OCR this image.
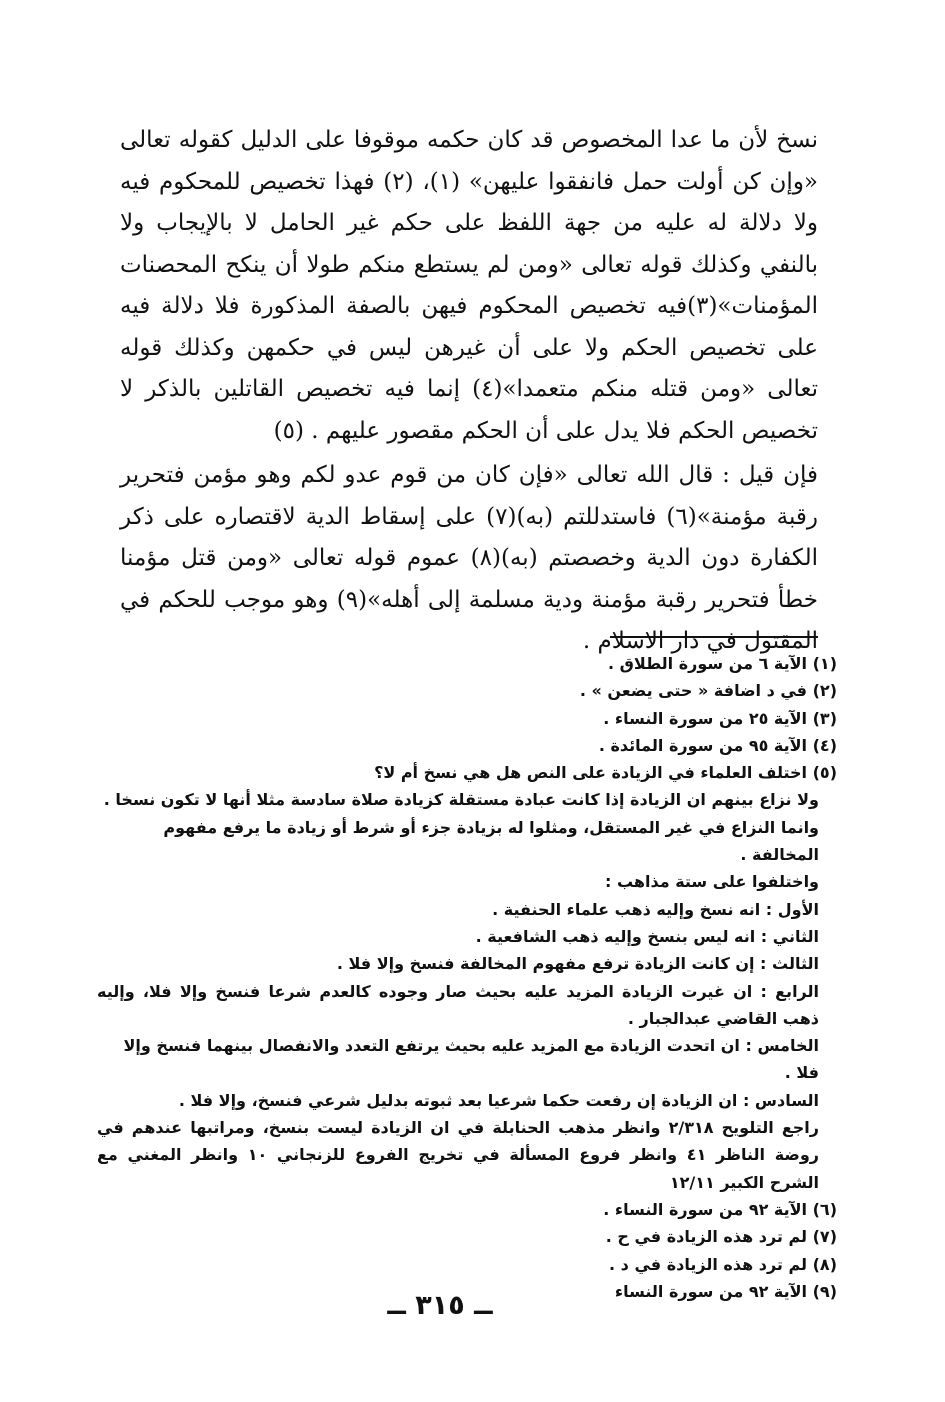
نسخ لأن ما عدا المخصوص قد كان حكمه موقوفا على الدليل كقوله تعالى «وإن كن أولت حمل فانفقوا عليهن» (١)، (٢) فهذا تخصيص للمحكوم فيه ولا دلالة له عليه من جهة اللفظ على حكم غير الحامل لا بالإيجاب ولا بالنفي وكذلك قوله تعالى «ومن لم يستطع منكم طولا أن ينكح المحصنات المؤمنات»(٣)فيه تخصيص المحكوم فيهن بالصفة المذكورة فلا دلالة فيه على تخصيص الحكم ولا على أن غيرهن ليس في حكمهن وكذلك قوله تعالى «ومن قتله منكم متعمدا»(٤) إنما فيه تخصيص القاتلين بالذكر لا تخصيص الحكم فلا يدل على أن الحكم مقصور عليهم . (٥)

فإن قيل : قال الله تعالى «فإن كان من قوم عدو لكم وهو مؤمن فتحرير رقبة مؤمنة»(٦) فاستدللتم (به)(٧) على إسقاط الدية لاقتصاره على ذكر الكفارة دون الدية وخصصتم (به)(٨) عموم قوله تعالى «ومن قتل مؤمنا خطأ فتحرير رقبة مؤمنة ودية مسلمة إلى أهله»(٩) وهو موجب للحكم في المقتول في دار الاسلام .

(١) الآية ٦ من سورة الطلاق .
(٢) في د اضافة « حتى يضعن » .
(٣) الآية ٢٥ من سورة النساء .
(٤) الآية ٩٥ من سورة المائدة .
(٥) اختلف العلماء في الزيادة على النص هل هي نسخ أم لا؟
ولا نزاع بينهم ان الزيادة إذا كانت عبادة مستقلة كزيادة صلاة سادسة مثلا أنها لا تكون نسخا .
وانما النزاع في غير المستقل، ومثلوا له بزيادة جزء أو شرط أو زيادة ما يرفع مفهوم المخالفة .
واختلفوا على ستة مذاهب :
الأول : انه نسخ وإليه ذهب علماء الحنفية .
الثاني : انه ليس بنسخ وإليه ذهب الشافعية .
الثالث : إن كانت الزيادة ترفع مفهوم المخالفة فنسخ وإلا فلا .
الرابع : ان غيرت الزيادة المزيد عليه بحيث صار وجوده كالعدم شرعا فنسخ وإلا فلا، وإليه ذهب القاضي عبدالجبار .
الخامس : ان اتحدت الزيادة مع المزيد عليه بحيث يرتفع التعدد والانفصال بينهما فنسخ وإلا فلا .
السادس : ان الزيادة إن رفعت حكما شرعيا بعد ثبوته بدليل شرعي فنسخ، وإلا فلا .
راجع التلويح ٢/٣١٨ وانظر مذهب الحنابلة في ان الزيادة ليست بنسخ، ومراتبها عندهم في روضة الناظر ٤١ وانظر فروع المسألة في تخريج الفروع للزنجاني ١٠ وانظر المغني مع الشرح الكبير ١٢/١١
(٦) الآية ٩٢ من سورة النساء .
(٧) لم ترد هذه الزيادة في ح .
(٨) لم ترد هذه الزيادة في د .
(٩) الآية ٩٢ من سورة النساء
ــ ٣١٥ ــ
